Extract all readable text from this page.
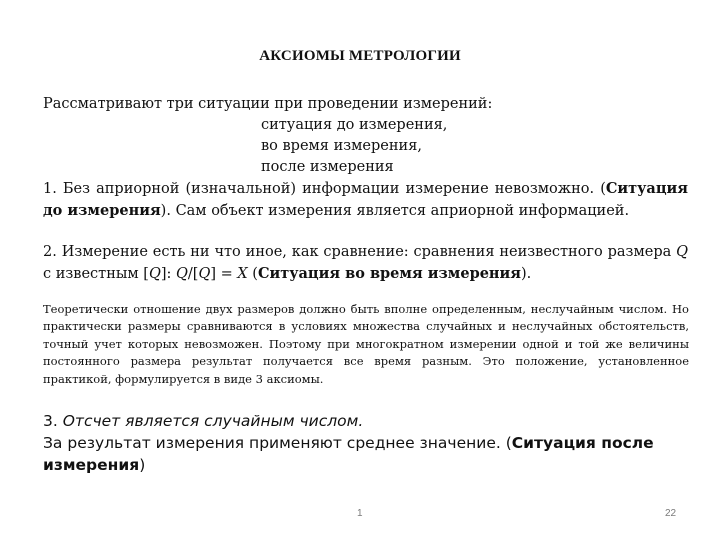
АКСИОМЫ МЕТРОЛОГИИ
Рассматривают три ситуации при проведении измерений:
ситуация до измерения,
во время измерения,
после измерения
1. Без априорной (изначальной) информации измерение невозможно. (Ситуация до измерения). Сам объект измерения является априорной информацией.
2. Измерение есть ни что иное, как сравнение: сравнения неизвестного размера Q с известным [Q]: Q/[Q] = X (Ситуация во время измерения).
Теоретически отношение двух размеров должно быть вполне определенным, неслучайным числом. Но практически размеры сравниваются в условиях множества случайных и неслучайных обстоятельств, точный учет которых невозможен. Поэтому при многократном измерении одной и той же величины постоянного размера результат получается все время разным. Это положение, установленное практикой, формулируется в виде 3 аксиомы.
3. Отсчет является случайным числом.
За результат измерения применяют среднее значение. (Ситуация после измерения)
1	22
